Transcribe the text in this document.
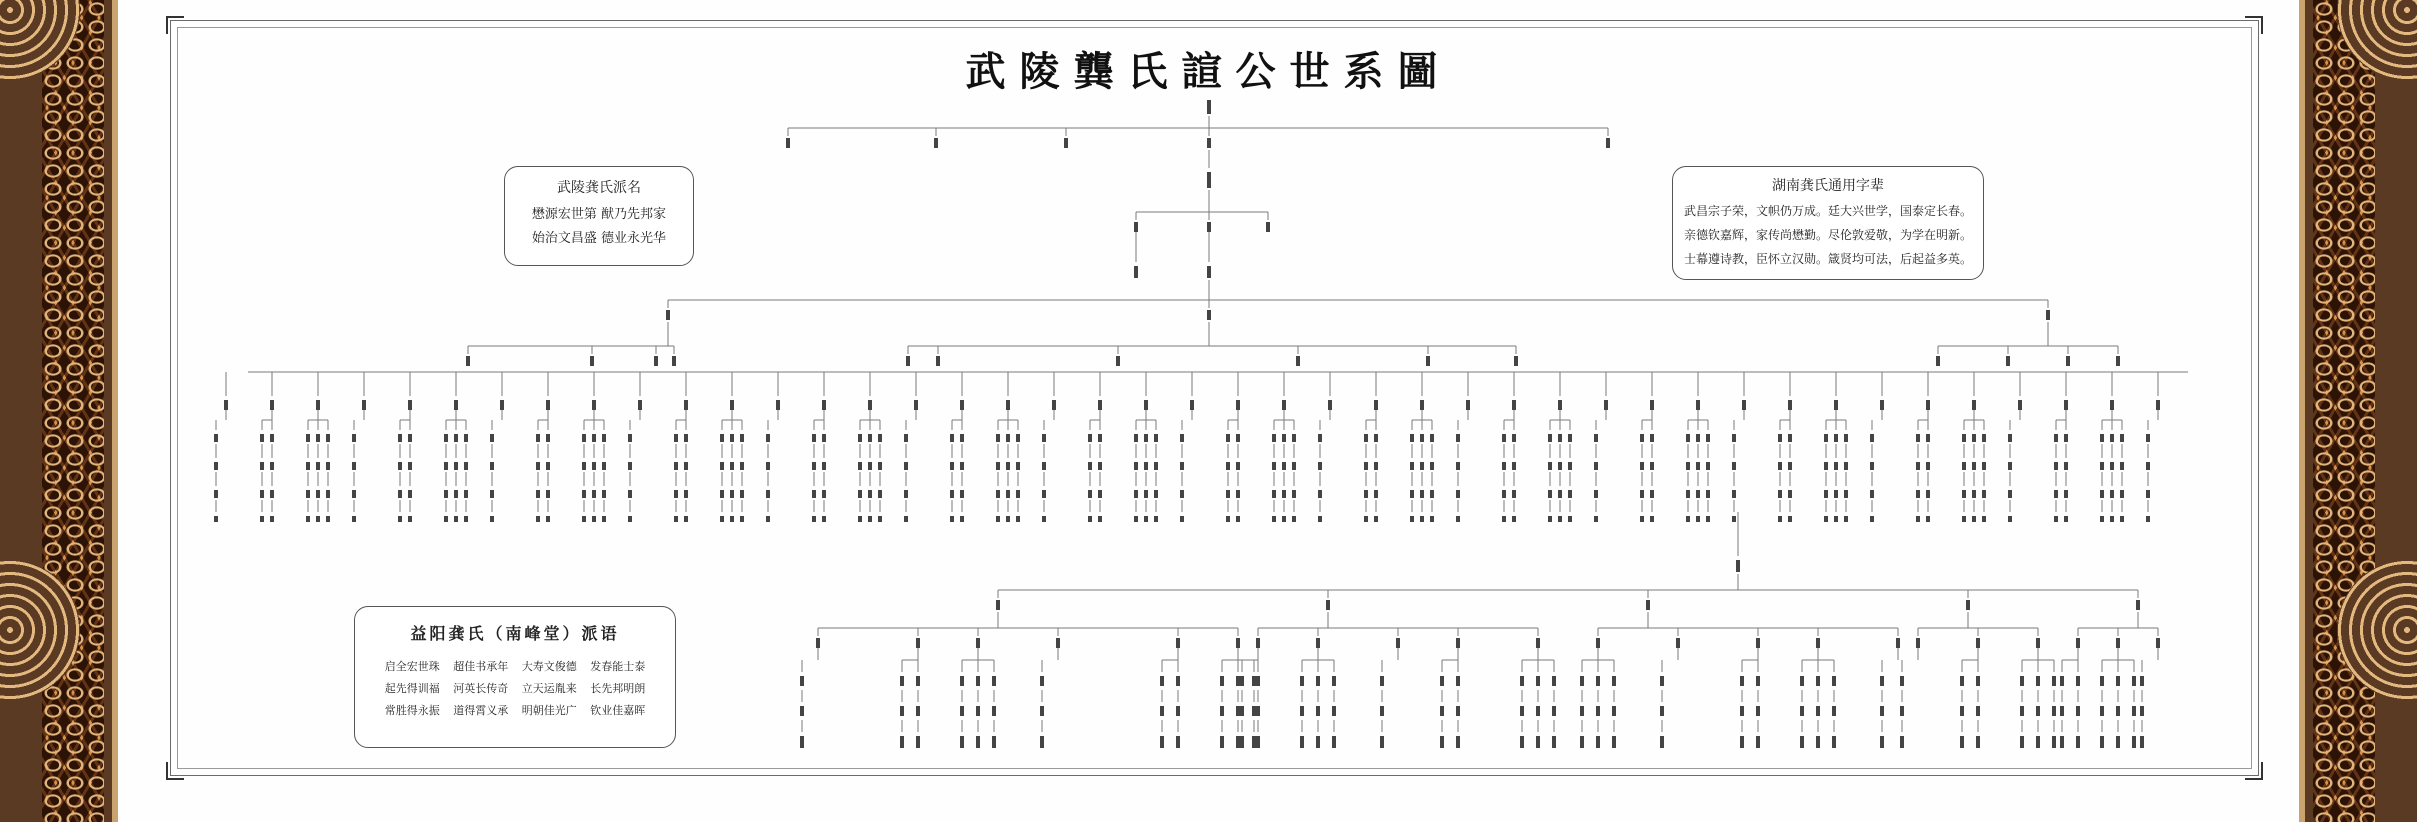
武陵龔氏諠公世系圖
武陵龚氏派名
懋源宏世第 猷乃先邦家
始治文昌盛 德业永光华
湖南龚氏通用字辈
武昌宗子荣，文帜仍万成。廷大兴世学，国泰定长春。
亲德钦嘉辉，家传尚懋勤。尽伦敦爱敬，为学在明新。
士幕遵诗教，臣怀立汉勋。箴贤均可法，后起益多英。
益阳龚氏（南峰堂）派语
启全宏世珠 超佳书承年 大寿文俊德 发春能士泰
起先得训福 河英长传奇 立天运胤来 长先邦明朗
常胜得永振 道得霄义承 明朝佳光广 钦业佳嘉晖
